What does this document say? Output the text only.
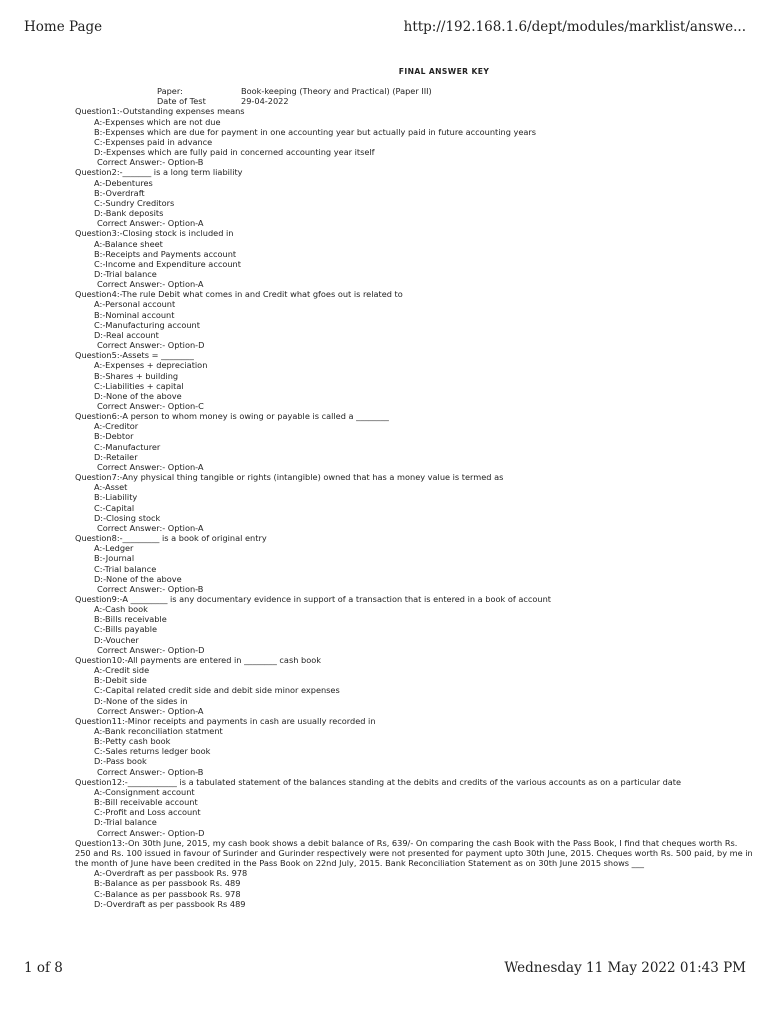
Home Page	http://192.168.1.6/dept/modules/marklist/answe...
FINAL ANSWER KEY
Paper:	Book-keeping (Theory and Practical) (Paper III)
Date of Test	29-04-2022
Question1:-Outstanding expenses means
A:-Expenses which are not due
B:-Expenses which are due for payment in one accounting year but actually paid in future accounting years
C:-Expenses paid in advance
D:-Expenses which are fully paid in concerned accounting year itself
Correct Answer:- Option-B
Question2:-_______ is a long term liability
A:-Debentures
B:-Overdraft
C:-Sundry Creditors
D:-Bank deposits
Correct Answer:- Option-A
Question3:-Closing stock is included in
A:-Balance sheet
B:-Receipts and Payments account
C:-Income and Expenditure account
D:-Trial balance
Correct Answer:- Option-A
Question4:-The rule Debit what comes in and Credit what gfoes out is related to
A:-Personal account
B:-Nominal account
C:-Manufacturing account
D:-Real account
Correct Answer:- Option-D
Question5:-Assets = ________
A:-Expenses + depreciation
B:-Shares + building
C:-Liabilities + capital
D:-None of the above
Correct Answer:- Option-C
Question6:-A person to whom money is owing or payable is called a ________
A:-Creditor
B:-Debtor
C:-Manufacturer
D:-Retailer
Correct Answer:- Option-A
Question7:-Any physical thing tangible or rights (intangible) owned that has a money value is termed as
A:-Asset
B:-Liability
C:-Capital
D:-Closing stock
Correct Answer:- Option-A
Question8:-_________ is a book of original entry
A:-Ledger
B:-Journal
C:-Trial balance
D:-None of the above
Correct Answer:- Option-B
Question9:-A _________ is any documentary evidence in support of a transaction that is entered in a book of account
A:-Cash book
B:-Bills receivable
C:-Bills payable
D:-Voucher
Correct Answer:- Option-D
Question10:-All payments are entered in ________ cash book
A:-Credit side
B:-Debit side
C:-Capital related credit side and debit side minor expenses
D:-None of the sides in
Correct Answer:- Option-A
Question11:-Minor receipts and payments in cash are usually recorded in
A:-Bank reconciliation statment
B:-Petty cash book
C:-Sales returns ledger book
D:-Pass book
Correct Answer:- Option-B
Question12:-____________ is a tabulated statement of the balances standing at the debits and credits of the various accounts as on a particular date
A:-Consignment account
B:-Bill receivable account
C:-Profit and Loss account
D:-Trial balance
Correct Answer:- Option-D
Question13:-On 30th June, 2015, my cash book shows a debit balance of Rs, 639/- On comparing the cash Book with the Pass Book, I find that cheques worth Rs. 250 and Rs. 100 issued in favour of Surinder and Gurinder respectively were not presented for payment upto 30th June, 2015. Cheques worth Rs. 500 paid, by me in the month of June have been credited in the Pass Book on 22nd July, 2015. Bank Reconciliation Statement as on 30th June 2015 shows ___
A:-Overdraft as per passbook Rs. 978
B:-Balance as per passbook Rs. 489
C:-Balance as per passbook Rs. 978
D:-Overdraft as per passbook Rs 489
1 of 8	Wednesday 11 May 2022 01:43 PM
